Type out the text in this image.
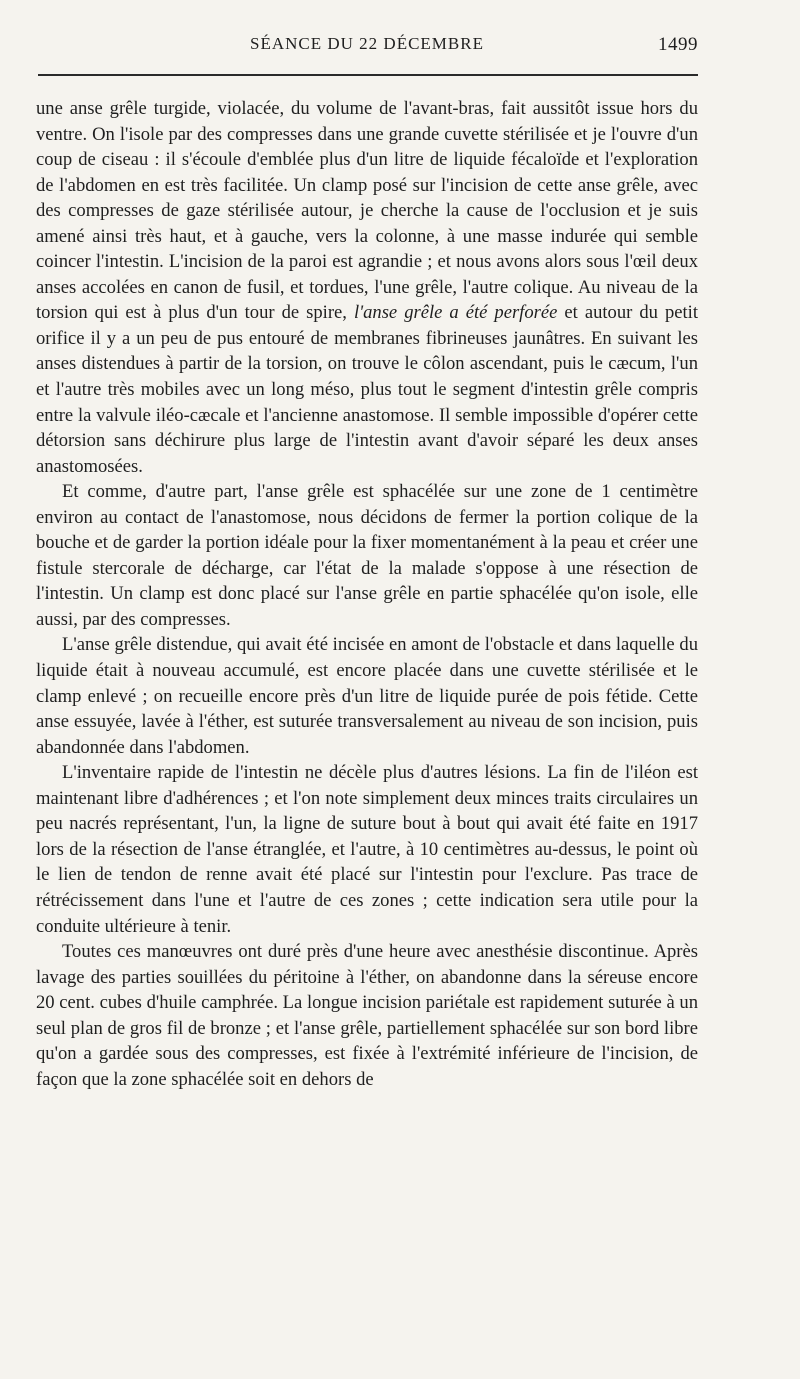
SÉANCE DU 22 DÉCEMBRE	1499

une anse grêle turgide, violacée, du volume de l'avant-bras, fait aussitôt issue hors du ventre. On l'isole par des compresses dans une grande cuvette stérilisée et je l'ouvre d'un coup de ciseau : il s'écoule d'emblée plus d'un litre de liquide fécaloïde et l'exploration de l'abdomen en est très facilitée. Un clamp posé sur l'incision de cette anse grêle, avec des compresses de gaze stérilisée autour, je cherche la cause de l'occlusion et je suis amené ainsi très haut, et à gauche, vers la colonne, à une masse indurée qui semble coincer l'intestin. L'incision de la paroi est agrandie ; et nous avons alors sous l'œil deux anses accolées en canon de fusil, et tordues, l'une grêle, l'autre colique. Au niveau de la torsion qui est à plus d'un tour de spire, l'anse grêle a été perforée et autour du petit orifice il y a un peu de pus entouré de membranes fibrineuses jaunâtres. En suivant les anses distendues à partir de la torsion, on trouve le côlon ascendant, puis le cæcum, l'un et l'autre très mobiles avec un long méso, plus tout le segment d'intestin grêle compris entre la valvule iléo-cæcale et l'ancienne anastomose. Il semble impossible d'opérer cette détorsion sans déchirure plus large de l'intestin avant d'avoir séparé les deux anses anastomosées.

Et comme, d'autre part, l'anse grêle est sphacélée sur une zone de 1 centimètre environ au contact de l'anastomose, nous décidons de fermer la portion colique de la bouche et de garder la portion idéale pour la fixer momentanément à la peau et créer une fistule stercorale de décharge, car l'état de la malade s'oppose à une résection de l'intestin. Un clamp est donc placé sur l'anse grêle en partie sphacélée qu'on isole, elle aussi, par des compresses.

L'anse grêle distendue, qui avait été incisée en amont de l'obstacle et dans laquelle du liquide était à nouveau accumulé, est encore placée dans une cuvette stérilisée et le clamp enlevé ; on recueille encore près d'un litre de liquide purée de pois fétide. Cette anse essuyée, lavée à l'éther, est suturée transversalement au niveau de son incision, puis abandonnée dans l'abdomen.

L'inventaire rapide de l'intestin ne décèle plus d'autres lésions. La fin de l'iléon est maintenant libre d'adhérences ; et l'on note simplement deux minces traits circulaires un peu nacrés représentant, l'un, la ligne de suture bout à bout qui avait été faite en 1917 lors de la résection de l'anse étranglée, et l'autre, à 10 centimètres au-dessus, le point où le lien de tendon de renne avait été placé sur l'intestin pour l'exclure. Pas trace de rétrécissement dans l'une et l'autre de ces zones ; cette indication sera utile pour la conduite ultérieure à tenir.

Toutes ces manœuvres ont duré près d'une heure avec anesthésie discontinue. Après lavage des parties souillées du péritoine à l'éther, on abandonne dans la séreuse encore 20 cent. cubes d'huile camphrée. La longue incision pariétale est rapidement suturée à un seul plan de gros fil de bronze ; et l'anse grêle, partiellement sphacélée sur son bord libre qu'on a gardée sous des compresses, est fixée à l'extrémité inférieure de l'incision, de façon que la zone sphacélée soit en dehors de
